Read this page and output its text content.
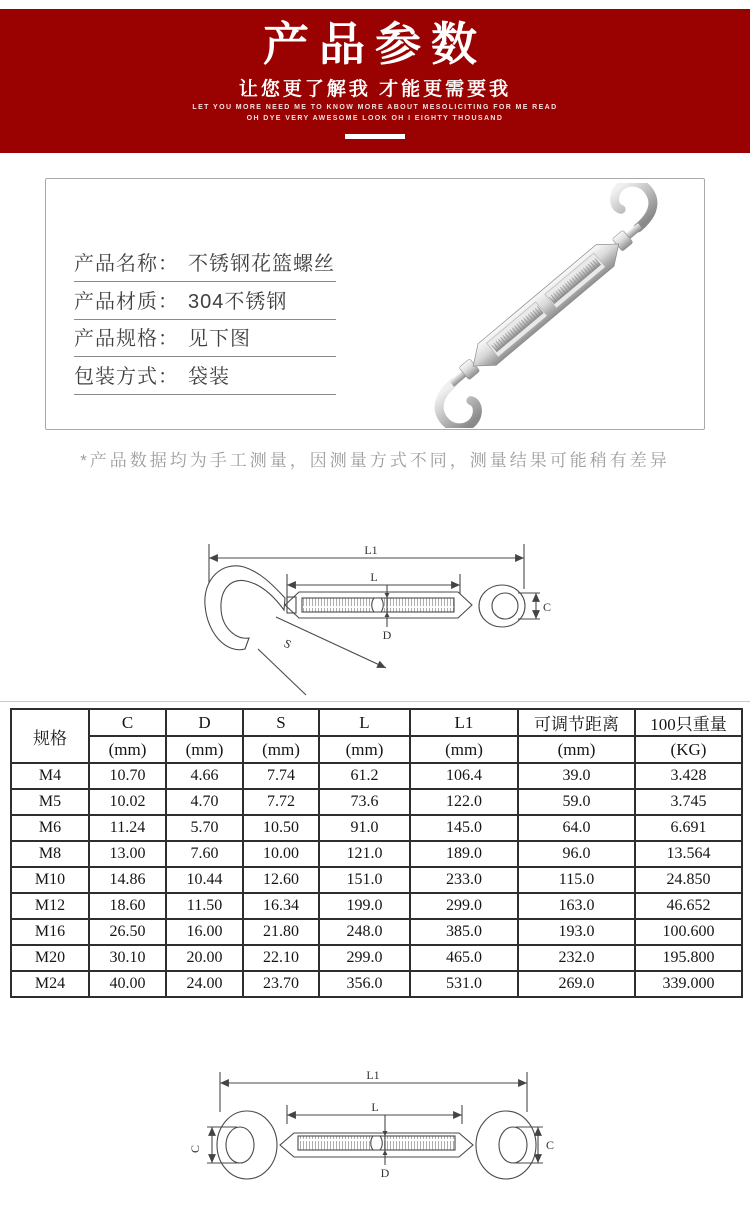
产品参数
让您更了解我 才能更需要我
LET YOU MORE NEED ME TO KNOW MORE ABOUT MESOLICITING FOR ME READ
OH DYE VERY AWESOME LOOK OH I EIGHTY THOUSAND
产品名称： 不锈钢花篮螺丝
产品材质： 304不锈钢
产品规格： 见下图
包装方式： 袋装
*产品数据均为手工测量，因测量方式不同，测量结果可能稍有差异
L1
L
C
D
S
规格	C	D	S	L	L1	可调节距离	100只重量
	(mm)	(mm)	(mm)	(mm)	(mm)	(mm)	(KG)
M4	10.70	4.66	7.74	61.2	106.4	39.0	3.428
M5	10.02	4.70	7.72	73.6	122.0	59.0	3.745
M6	11.24	5.70	10.50	91.0	145.0	64.0	6.691
M8	13.00	7.60	10.00	121.0	189.0	96.0	13.564
M10	14.86	10.44	12.60	151.0	233.0	115.0	24.850
M12	18.60	11.50	16.34	199.0	299.0	163.0	46.652
M16	26.50	16.00	21.80	248.0	385.0	193.0	100.600
M20	30.10	20.00	22.10	299.0	465.0	232.0	195.800
M24	40.00	24.00	23.70	356.0	531.0	269.0	339.000
L1
L
C	C
D
